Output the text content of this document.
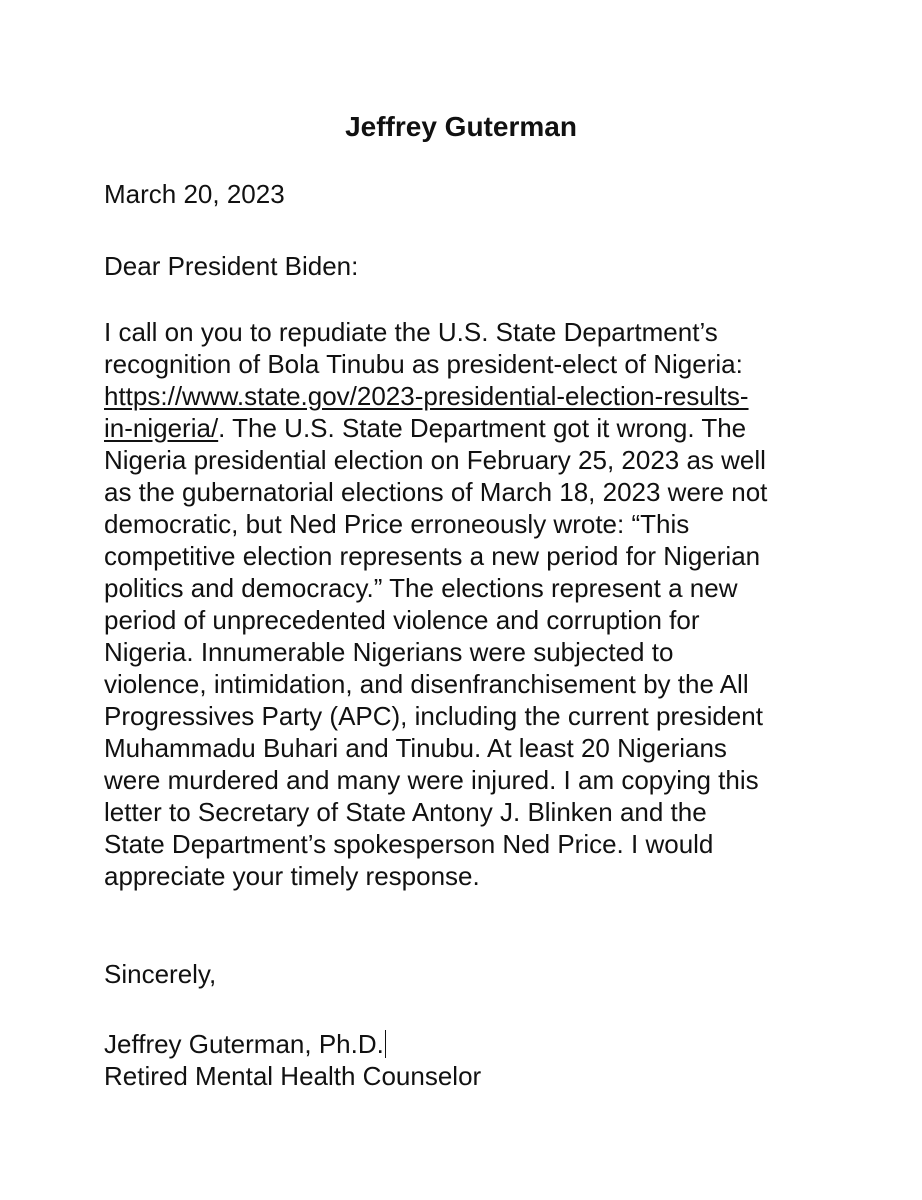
Jeffrey Guterman

March 20, 2023

Dear President Biden:

I call on you to repudiate the U.S. State Department’s
recognition of Bola Tinubu as president-elect of Nigeria:
https://www.state.gov/2023-presidential-election-results-
in-nigeria/. The U.S. State Department got it wrong. The
Nigeria presidential election on February 25, 2023 as well
as the gubernatorial elections of March 18, 2023 were not
democratic, but Ned Price erroneously wrote: “This
competitive election represents a new period for Nigerian
politics and democracy.” The elections represent a new
period of unprecedented violence and corruption for
Nigeria. Innumerable Nigerians were subjected to
violence, intimidation, and disenfranchisement by the All
Progressives Party (APC), including the current president
Muhammadu Buhari and Tinubu. At least 20 Nigerians
were murdered and many were injured. I am copying this
letter to Secretary of State Antony J. Blinken and the
State Department’s spokesperson Ned Price. I would
appreciate your timely response.

Sincerely,

Jeffrey Guterman, Ph.D.

Retired Mental Health Counselor
